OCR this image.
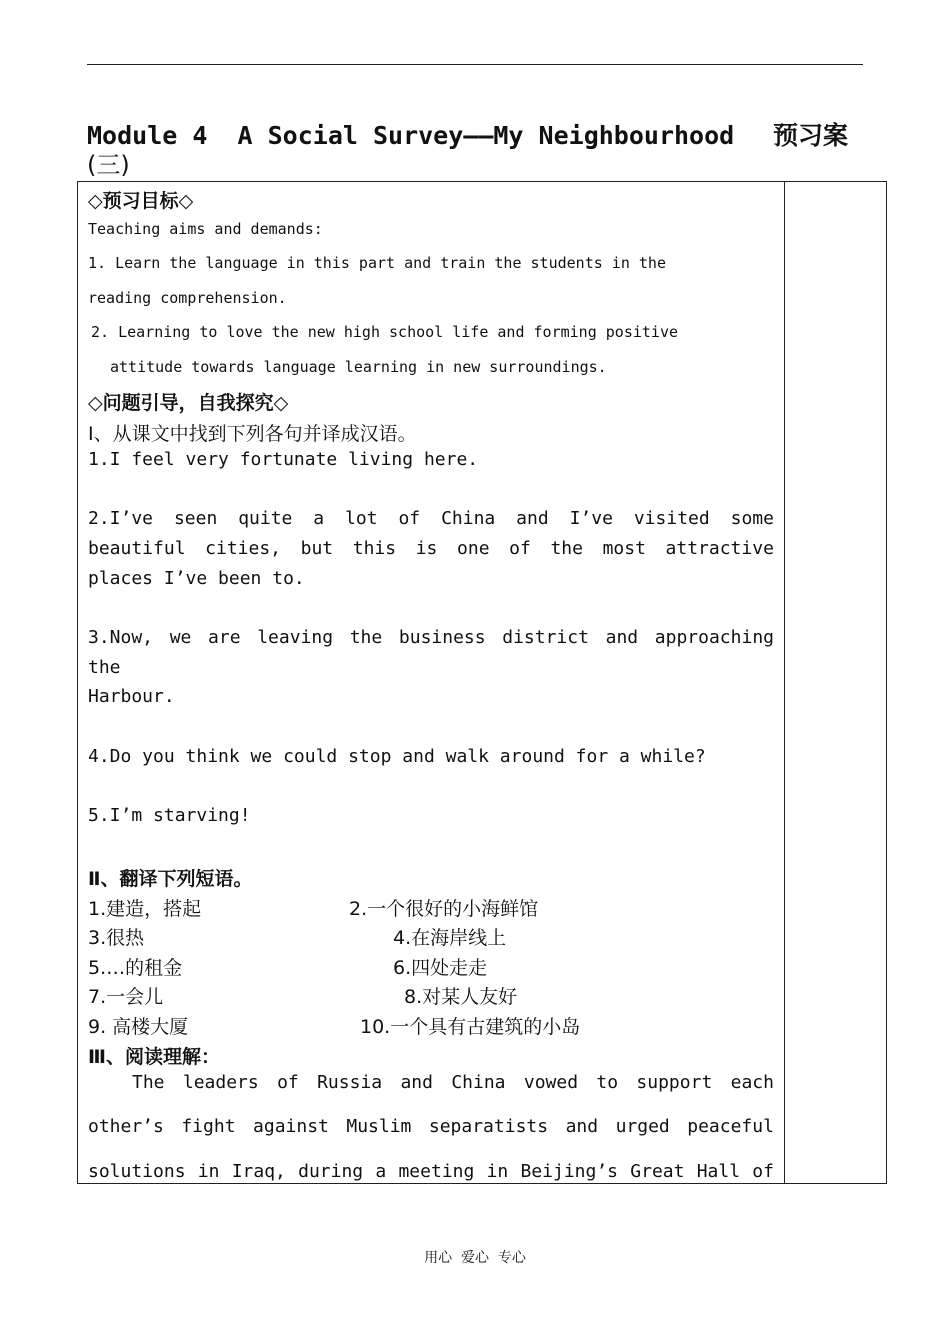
Module 4  A Social Survey——My Neighbourhood 预习案
(三)
◇预习目标◇
Teaching aims and demands:
1. Learn the language in this part and train the students in the
reading comprehension.
2. Learning to love the new high school life and forming positive
attitude towards language learning in new surroundings.
◇问题引导，自我探究◇
Ⅰ、从课文中找到下列各句并译成汉语。
1.I feel very fortunate living here.
2.I’ve seen quite a lot of China and I’ve visited some
beautiful cities, but this is one of the most attractive
places I’ve been to.
3.Now, we are leaving the business district and approaching
the
Harbour.
4.Do you think we could stop and walk around for a while?
5.I’m starving!
Ⅱ、翻译下列短语。
1.建造，搭起	2.一个很好的小海鲜馆
3.很热	4.在海岸线上
5.…的租金	6.四处走走
7.一会儿	8.对某人友好
9. 高楼大厦	10.一个具有古建筑的小岛
Ⅲ、阅读理解：
The leaders of Russia and China vowed to support each
other’s fight against Muslim separatists and urged peaceful
solutions in Iraq, during a meeting in Beijing’s Great Hall of
用心  爱心  专心
